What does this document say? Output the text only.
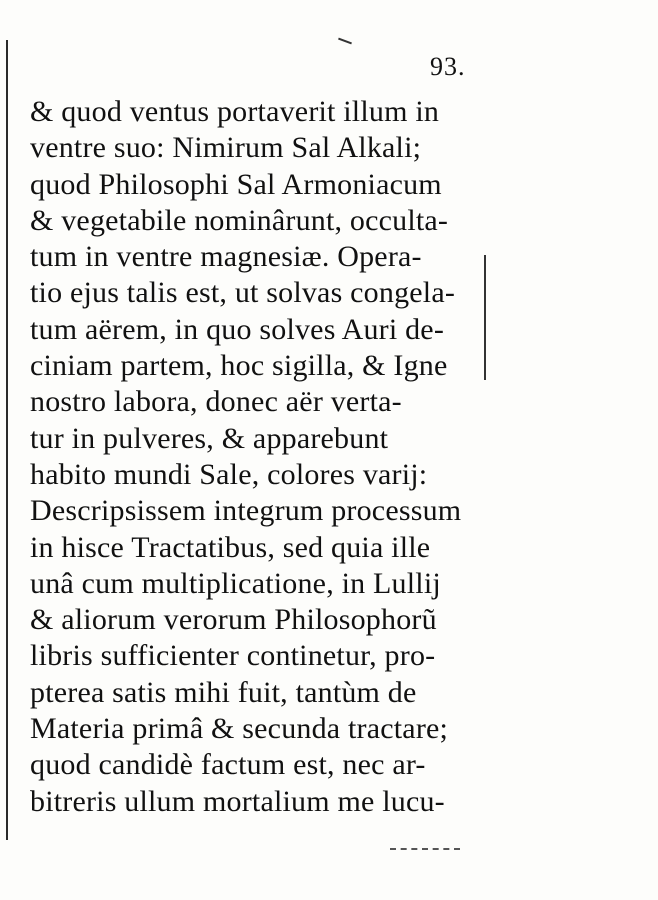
93.
& quod ventus portaverit illum in
ventre suo: Nimirum Sal Alkali;
quod Philosophi Sal Armoniacum
& vegetabile nominârunt, occulta-
tum in ventre magnesiæ. Opera-
tio ejus talis est, ut solvas congela-
tum aërem, in quo solves Auri de-
ciniam partem, hoc sigilla, & Igne
nostro labora, donec aër verta-
tur in pulveres, & apparebunt
habito mundi Sale, colores varij:
Descripsissem integrum processum
in hisce Tractatibus, sed quia ille
unâ cum multiplicatione, in Lullij
& aliorum verorum Philosophorũ
libris sufficienter continetur, pro-
pterea satis mihi fuit, tantùm de
Materia primâ & secunda tractare;
quod candidè factum est, nec ar-
bitreris ullum mortalium me lucu-
